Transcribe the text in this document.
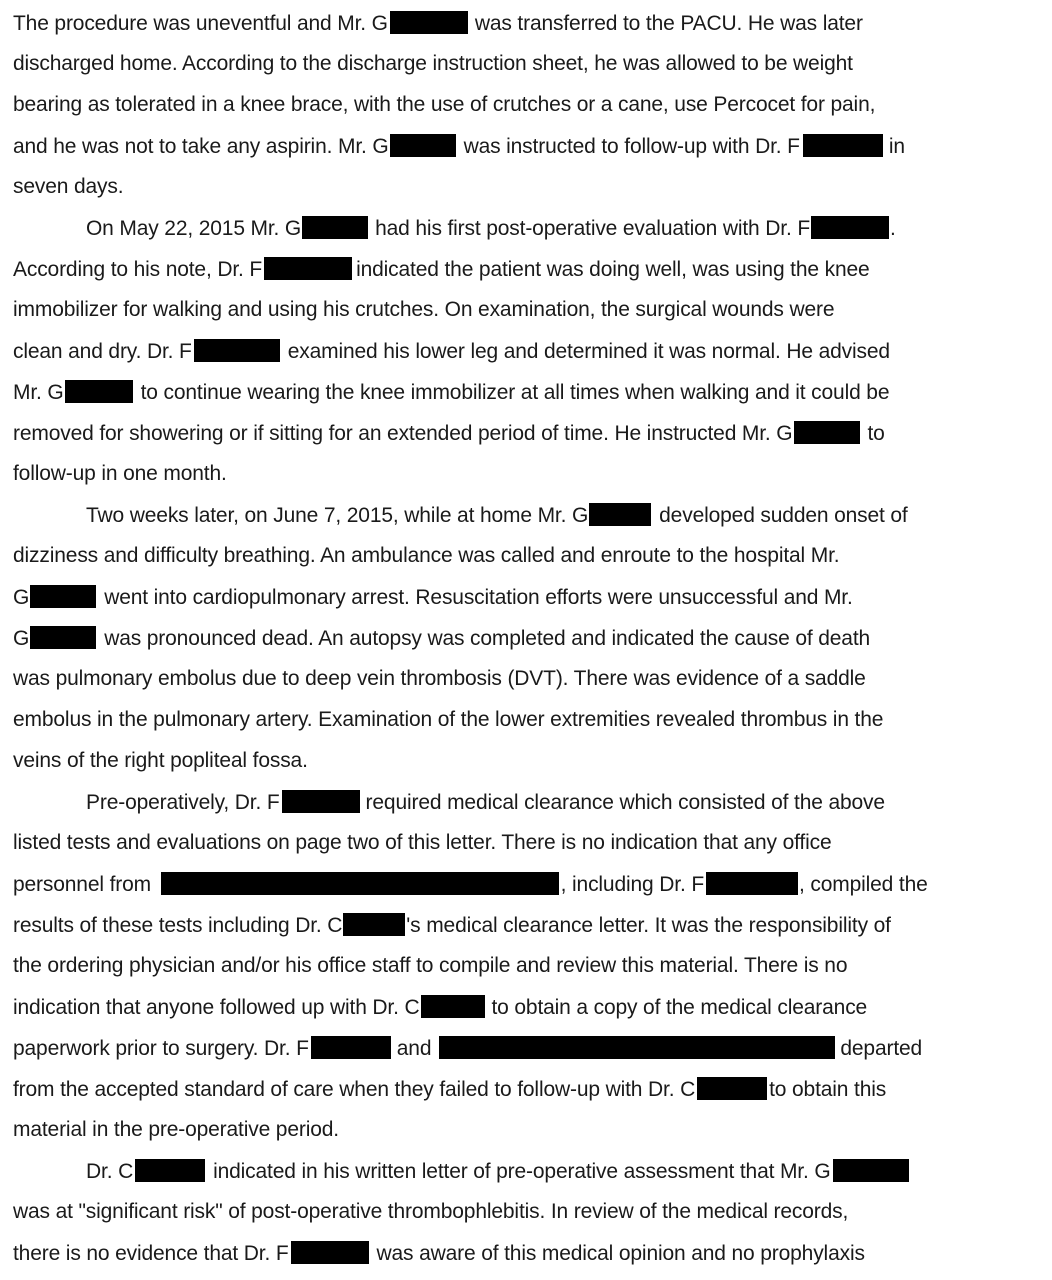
The procedure was uneventful and Mr. G	was transferred to the PACU. He was later

discharged home. According to the discharge instruction sheet, he was allowed to be weight

bearing as tolerated in a knee brace, with the use of crutches or a cane, use Percocet for pain,

and he was not to take any aspirin. Mr. G	was instructed to follow-up with Dr. F	in

seven days.

On May 22, 2015 Mr. G	had his first post-operative evaluation with Dr. F	.

According to his note, Dr. F	indicated the patient was doing well, was using the knee

immobilizer for walking and using his crutches. On examination, the surgical wounds were

clean and dry. Dr. F	examined his lower leg and determined it was normal. He advised

Mr. G	to continue wearing the knee immobilizer at all times when walking and it could be

removed for showering or if sitting for an extended period of time. He instructed Mr. G	to

follow-up in one month.

Two weeks later, on June 7, 2015, while at home Mr. G	developed sudden onset of

dizziness and difficulty breathing. An ambulance was called and enroute to the hospital Mr.

G	went into cardiopulmonary arrest. Resuscitation efforts were unsuccessful and Mr.

G	was pronounced dead. An autopsy was completed and indicated the cause of death

was pulmonary embolus due to deep vein thrombosis (DVT). There was evidence of a saddle

embolus in the pulmonary artery. Examination of the lower extremities revealed thrombus in the

veins of the right popliteal fossa.

Pre-operatively, Dr. F	required medical clearance which consisted of the above

listed tests and evaluations on page two of this letter. There is no indication that any office

personnel from	, including Dr. F	, compiled the

results of these tests including Dr. C	's medical clearance letter. It was the responsibility of

the ordering physician and/or his office staff to compile and review this material. There is no

indication that anyone followed up with Dr. C	to obtain a copy of the medical clearance

paperwork prior to surgery. Dr. F	and	departed

from the accepted standard of care when they failed to follow-up with Dr. C	to obtain this

material in the pre-operative period.

Dr. C	indicated in his written letter of pre-operative assessment that Mr. G

was at "significant risk" of post-operative thrombophlebitis. In review of the medical records,

there is no evidence that Dr. F	was aware of this medical opinion and no prophylaxis
